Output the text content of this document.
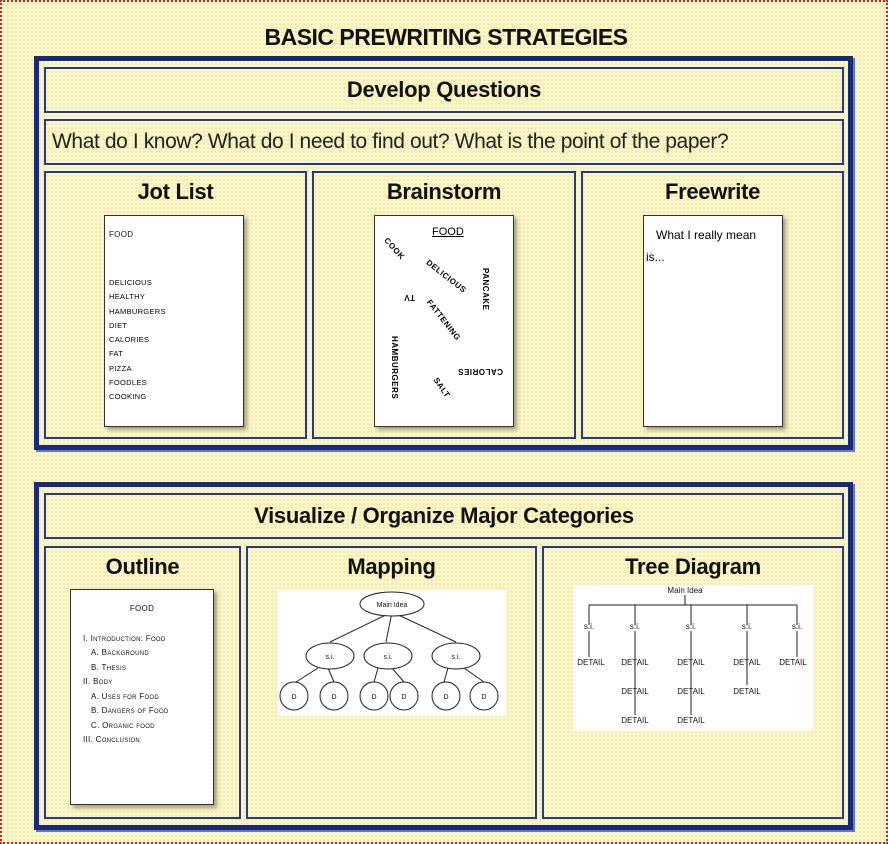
BASIC PREWRITING STRATEGIES
Develop Questions
What do I know? What do I need to find out? What is the point of the paper?
Jot List
FOOD
DELICIOUS
HEALTHY
HAMBURGERS
DIET
CALORIES
FAT
PIZZA
FOODLES
COOKING
Brainstorm
FOOD
COOK
DELICIOUS PANCAKE
TV
FATTENING
HAMBURGERS	CALORIES
SALT
Freewrite
What I really mean
is...
Visualize / Organize Major Categories
Outline
FOOD
I. Introduction: Food
A. Background
B. Thesis
II. Body
A. Uses for Food
B. Dangers of Food
C. Organic food
III. Conclusion
Mapping
Main Idea
s.i.	s.i.	s.i.
D	D	D	D	D	D
Tree Diagram
Main Idea
s.i.	s.i.	s.i.	s.i.	s.i.
DETAIL DETAIL	DETAIL	DETAIL DETAIL
DETAIL	DETAIL	DETAIL
DETAIL	DETAIL
